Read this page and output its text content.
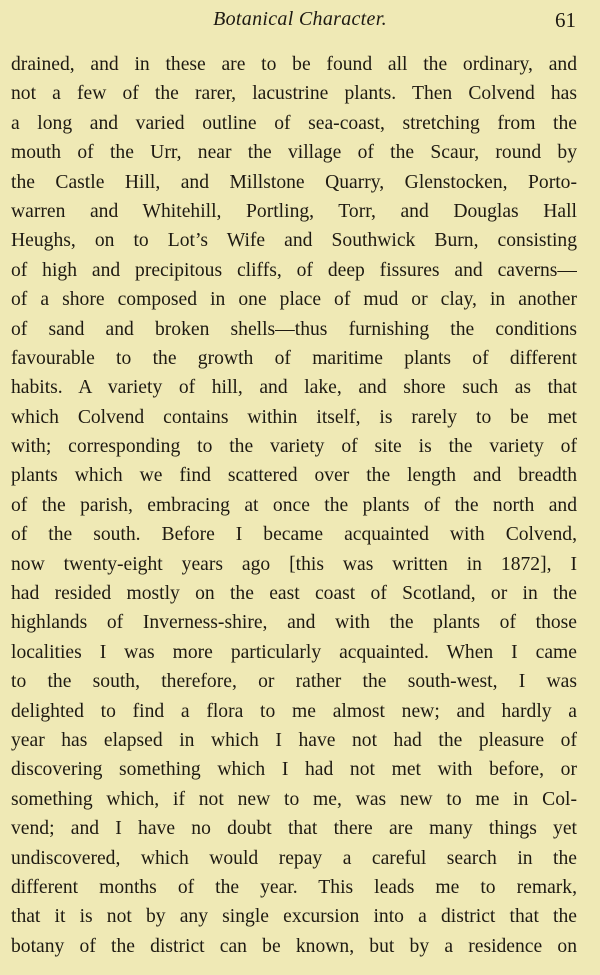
Botanical Character.	61
drained, and in these are to be found all the ordinary, and
not a few of the rarer, lacustrine plants. Then Colvend has
a long and varied outline of sea-coast, stretching from the
mouth of the Urr, near the village of the Scaur, round by
the Castle Hill, and Millstone Quarry, Glenstocken, Porto-
warren and Whitehill, Portling, Torr, and Douglas Hall
Heughs, on to Lot’s Wife and Southwick Burn, consisting
of high and precipitous cliffs, of deep fissures and caverns—
of a shore composed in one place of mud or clay, in another
of sand and broken shells—thus furnishing the conditions
favourable to the growth of maritime plants of different
habits. A variety of hill, and lake, and shore such as that
which Colvend contains within itself, is rarely to be met
with; corresponding to the variety of site is the variety of
plants which we find scattered over the length and breadth
of the parish, embracing at once the plants of the north and
of the south. Before I became acquainted with Colvend,
now twenty-eight years ago [this was written in 1872], I
had resided mostly on the east coast of Scotland, or in the
highlands of Inverness-shire, and with the plants of those
localities I was more particularly acquainted. When I came
to the south, therefore, or rather the south-west, I was
delighted to find a flora to me almost new; and hardly a
year has elapsed in which I have not had the pleasure of
discovering something which I had not met with before, or
something which, if not new to me, was new to me in Col-
vend; and I have no doubt that there are many things yet
undiscovered, which would repay a careful search in the
different months of the year. This leads me to remark,
that it is not by any single excursion into a district that the
botany of the district can be known, but by a residence on
